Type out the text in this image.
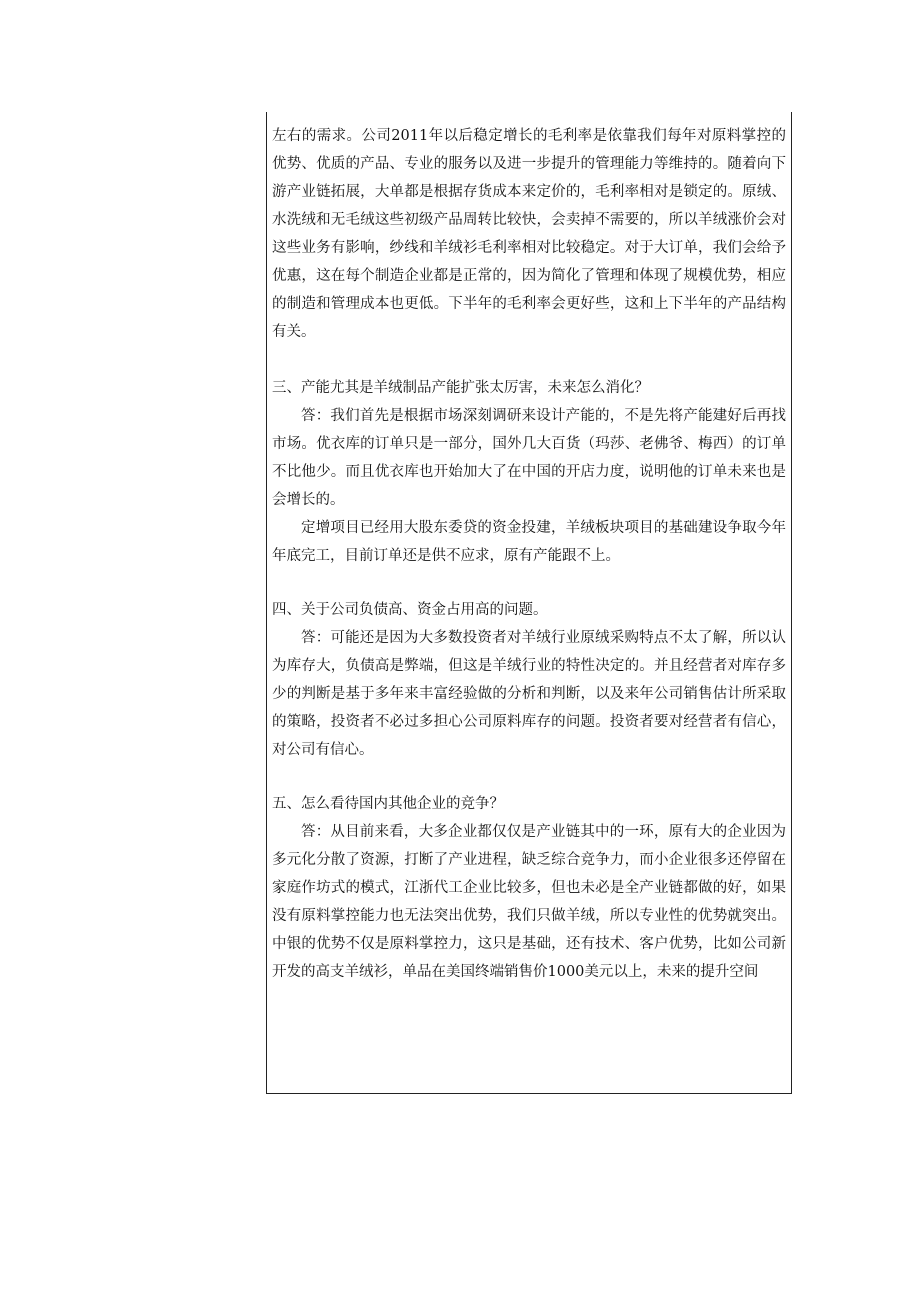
左右的需求。公司2011年以后稳定增长的毛利率是依靠我们每年对原料掌控的优势、优质的产品、专业的服务以及进一步提升的管理能力等维持的。随着向下游产业链拓展，大单都是根据存货成本来定价的，毛利率相对是锁定的。原绒、水洗绒和无毛绒这些初级产品周转比较快，会卖掉不需要的，所以羊绒涨价会对这些业务有影响，纱线和羊绒衫毛利率相对比较稳定。对于大订单，我们会给予优惠，这在每个制造企业都是正常的，因为简化了管理和体现了规模优势，相应的制造和管理成本也更低。下半年的毛利率会更好些，这和上下半年的产品结构有关。

三、产能尤其是羊绒制品产能扩张太厉害，未来怎么消化？

答：我们首先是根据市场深刻调研来设计产能的，不是先将产能建好后再找市场。优衣库的订单只是一部分，国外几大百货（玛莎、老佛爷、梅西）的订单不比他少。而且优衣库也开始加大了在中国的开店力度，说明他的订单未来也是会增长的。

定增项目已经用大股东委贷的资金投建，羊绒板块项目的基础建设争取今年年底完工，目前订单还是供不应求，原有产能跟不上。

四、关于公司负债高、资金占用高的问题。

答：可能还是因为大多数投资者对羊绒行业原绒采购特点不太了解，所以认为库存大，负债高是弊端，但这是羊绒行业的特性决定的。并且经营者对库存多少的判断是基于多年来丰富经验做的分析和判断，以及来年公司销售估计所采取的策略，投资者不必过多担心公司原料库存的问题。投资者要对经营者有信心，对公司有信心。

五、怎么看待国内其他企业的竞争？

答：从目前来看，大多企业都仅仅是产业链其中的一环，原有大的企业因为多元化分散了资源，打断了产业进程，缺乏综合竞争力，而小企业很多还停留在家庭作坊式的模式，江浙代工企业比较多，但也未必是全产业链都做的好，如果没有原料掌控能力也无法突出优势，我们只做羊绒，所以专业性的优势就突出。中银的优势不仅是原料掌控力，这只是基础，还有技术、客户优势，比如公司新开发的高支羊绒衫，单品在美国终端销售价1000美元以上，未来的提升空间
